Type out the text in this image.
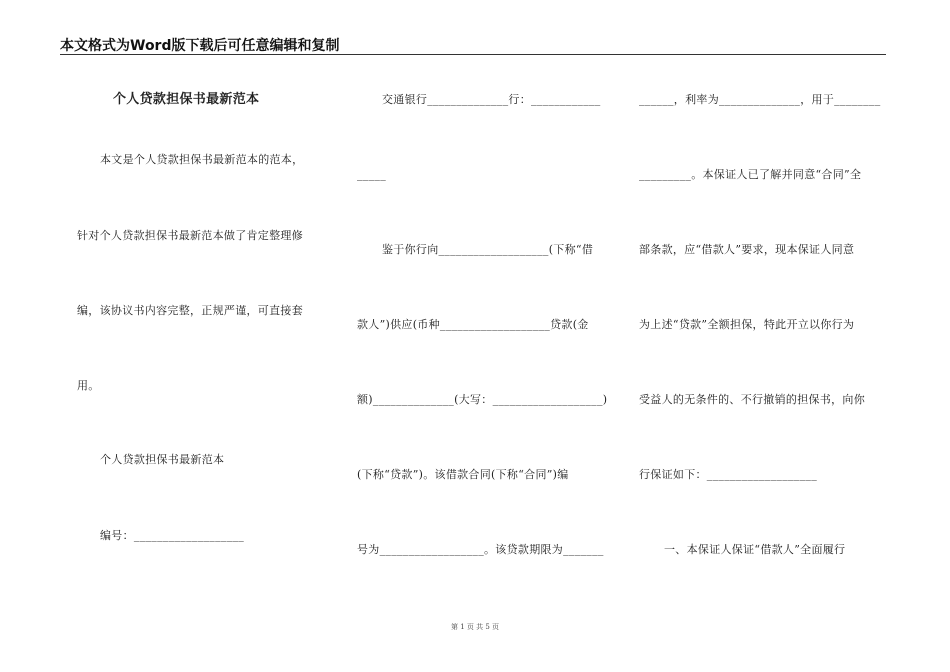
本文格式为Word版下载后可任意编辑和复制
个人贷款担保书最新范本
本文是个人贷款担保书最新范本的范本，
针对个人贷款担保书最新范本做了肯定整理修
编，该协议书内容完整，正规严谨，可直接套
用。
个人贷款担保书最新范本
编号：___________________
交通银行______________行：____________
_____
鉴于你行向___________________(下称“借
款人”)供应(币种___________________贷款(金
额)______________(大写：___________________)
(下称“贷款”)。该借款合同(下称“合同”)编
号为__________________。该贷款期限为_______
______，利率为______________，用于________
_________。本保证人已了解并同意“合同”全
部条款，应“借款人”要求，现本保证人同意
为上述“贷款”全额担保，特此开立以你行为
受益人的无条件的、不行撤销的担保书，向你
行保证如下：___________________
一、本保证人保证“借款人”全面履行
第 1 页 共 5 页
